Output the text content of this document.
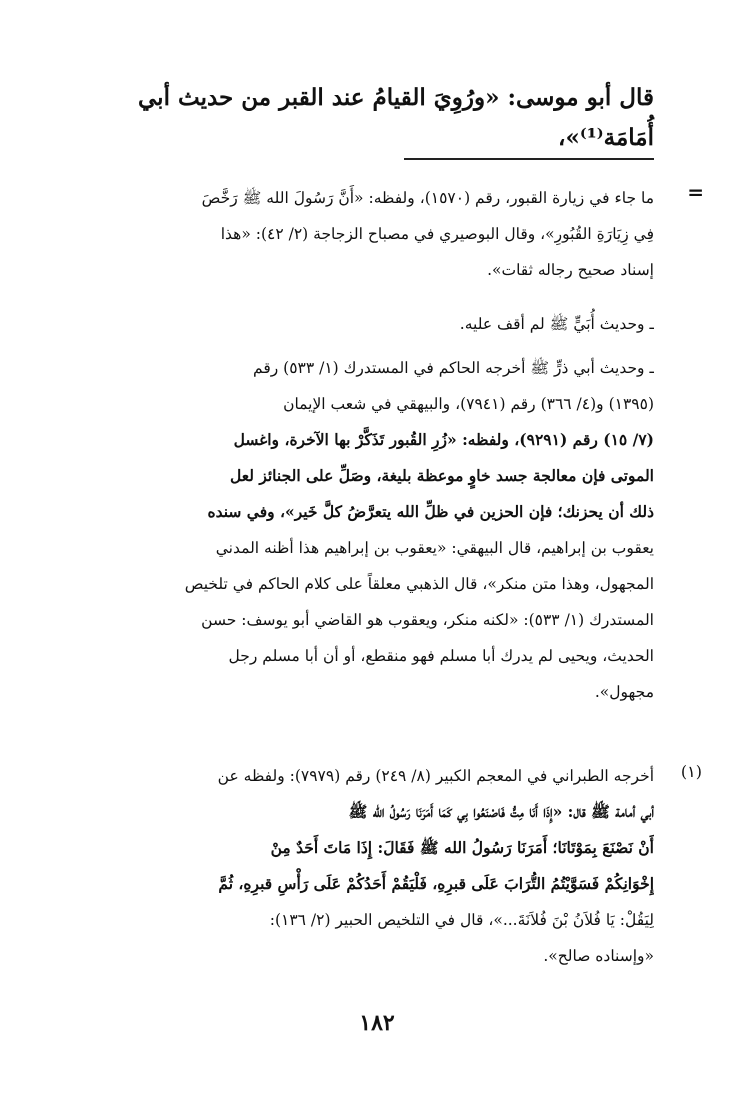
قال أبو موسى: «ورُوِيَ القيامُ عند القبر من حديث أبي أُمَامَة⁽¹⁾»،
=
ما جاء في زيارة القبور، رقم (١٥٧٠)، ولفظه: «أَنَّ رَسُولَ الله ﷺ رَخَّصَ
فِي زِيَارَةِ القُبُورِ»، وقال البوصيري في مصباح الزجاجة (٢/ ٤٢): «هذا
إسناد صحيح رجاله ثقات».
ـ وحديث أُبَيٍّ ﷺ لم أقف عليه.
ـ وحديث أبي ذرٍّ ﷺ أخرجه الحاكم في المستدرك (١/ ٥٣٣) رقم
(١٣٩٥) و(٤/ ٣٦٦) رقم (٧٩٤١)، والبيهقي في شعب الإيمان
(٧/ ١٥) رقم (٩٢٩١)، ولفظه: «زُرِ القُبور تَذَكَّرْ بها الآخرة، واغسل
الموتى فإن معالجة جسد خاوٍ موعظة بليغة، وصَلِّ على الجنائز لعل
ذلك أن يحزنك؛ فإن الحزين في ظلِّ الله يتعرَّضُ كلَّ خَير»، وفي سنده
يعقوب بن إبراهيم، قال البيهقي: «يعقوب بن إبراهيم هذا أظنه المدني
المجهول، وهذا متن منكر»، قال الذهبي معلقاً على كلام الحاكم في تلخيص
المستدرك (١/ ٥٣٣): «لكنه منكر، ويعقوب هو القاضي أبو يوسف: حسن
الحديث، ويحيى لم يدرك أبا مسلم فهو منقطع، أو أن أبا مسلم رجل
مجهول».
(١)
أخرجه الطبراني في المعجم الكبير (٨/ ٢٤٩) رقم (٧٩٧٩): ولفظه عن
أبي أمامة ﷺ قال: «إِذَا أَنَا مِتُّ فَاصْنَعُوا بِي كَمَا أَمَرَنَا رَسُولُ الله ﷺ
أَنْ نَصْنَعَ بِمَوْتَانَا؛ أَمَرَنَا رَسُولُ الله ﷺ فَقَالَ: إِذَا مَاتَ أَحَدٌ مِنْ
إِخْوَانِكُمْ فَسَوَّيْتُمُ التُّرَابَ عَلَى قبرِهِ، فَلْيَقُمْ أَحَدُكُمْ عَلَى رَأْسِ قبرِهِ، ثُمَّ
لِيَقُلْ: يَا فُلاَنُ بْنَ فُلاَنَةَ...»، قال في التلخيص الحبير (٢/ ١٣٦):
«وإسناده صالح».
١٨٢
